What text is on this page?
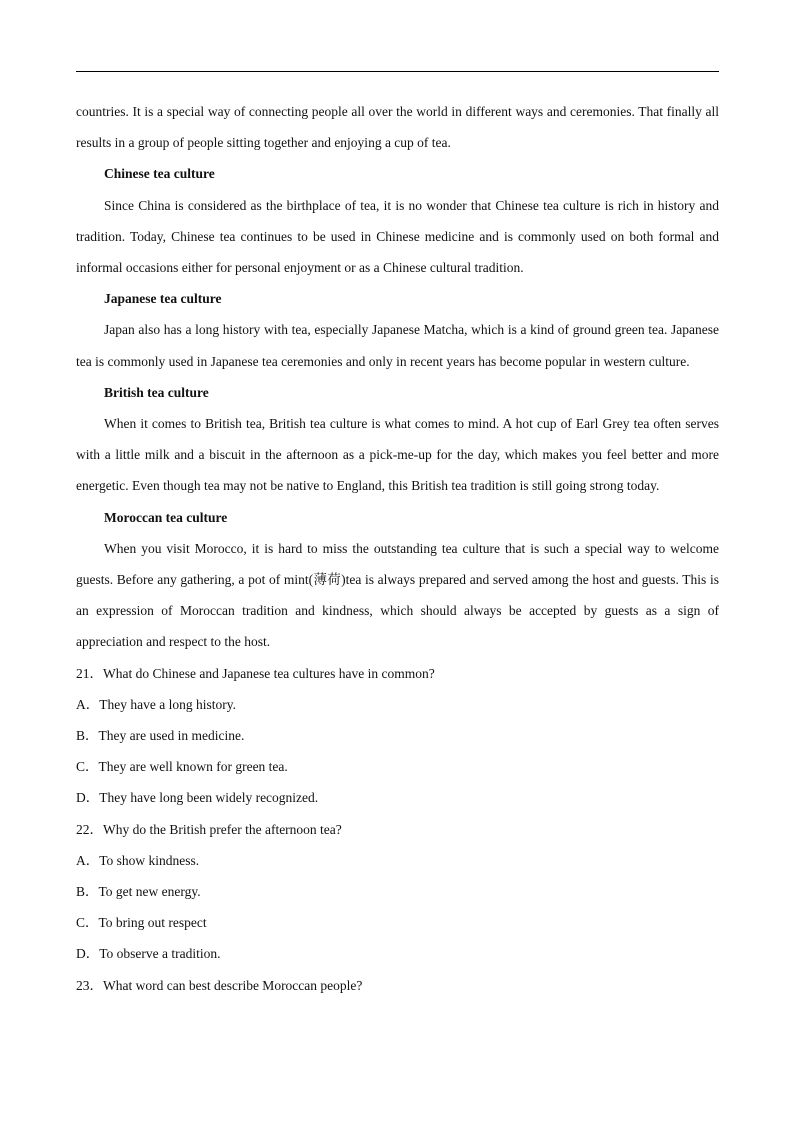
countries. It is a special way of connecting people all over the world in different ways and ceremonies. That finally all results in a group of people sitting together and enjoying a cup of tea.

Chinese tea culture

Since China is considered as the birthplace of tea, it is no wonder that Chinese tea culture is rich in history and tradition. Today, Chinese tea continues to be used in Chinese medicine and is commonly used on both formal and informal occasions either for personal enjoyment or as a Chinese cultural tradition.

Japanese tea culture

Japan also has a long history with tea, especially Japanese Matcha, which is a kind of ground green tea. Japanese tea is commonly used in Japanese tea ceremonies and only in recent years has become popular in western culture.

British tea culture

When it comes to British tea, British tea culture is what comes to mind. A hot cup of Earl Grey tea often serves with a little milk and a biscuit in the afternoon as a pick-me-up for the day, which makes you feel better and more energetic. Even though tea may not be native to England, this British tea tradition is still going strong today.

Moroccan tea culture

When you visit Morocco, it is hard to miss the outstanding tea culture that is such a special way to welcome guests. Before any gathering, a pot of mint(薄荷)tea is always prepared and served among the host and guests. This is an expression of Moroccan tradition and kindness, which should always be accepted by guests as a sign of appreciation and respect to the host.

21．What do Chinese and Japanese tea cultures have in common?

A．They have a long history.

B．They are used in medicine.

C．They are well known for green tea.

D．They have long been widely recognized.

22．Why do the British prefer the afternoon tea?

A．To show kindness.

B．To get new energy.

C．To bring out respect

D．To observe a tradition.

23．What word can best describe Moroccan people?
